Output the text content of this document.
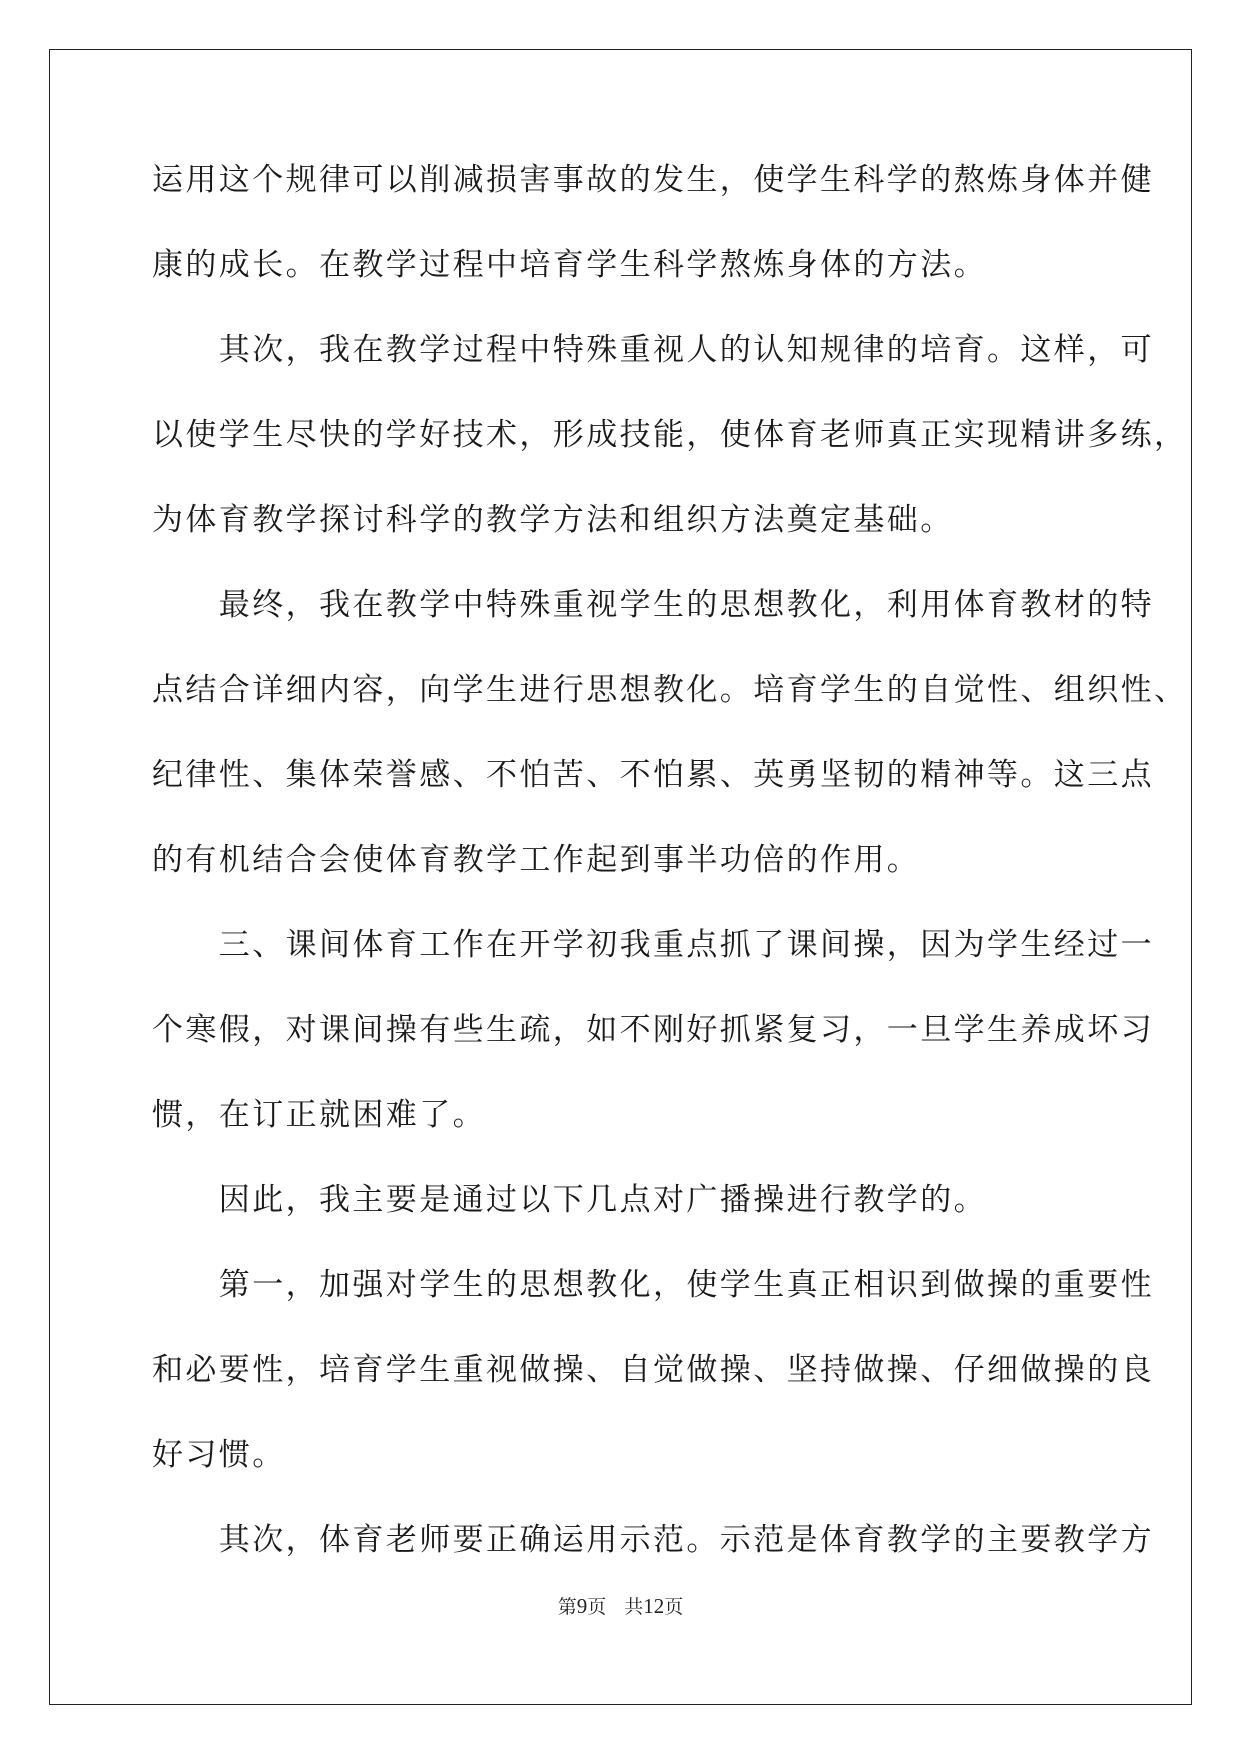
运用这个规律可以削减损害事故的发生，使学生科学的熬炼身体并健
康的成长。在教学过程中培育学生科学熬炼身体的方法。
　　其次，我在教学过程中特殊重视人的认知规律的培育。这样，可
以使学生尽快的学好技术，形成技能，使体育老师真正实现精讲多练，
为体育教学探讨科学的教学方法和组织方法奠定基础。
　　最终，我在教学中特殊重视学生的思想教化，利用体育教材的特
点结合详细内容，向学生进行思想教化。培育学生的自觉性、组织性、
纪律性、集体荣誉感、不怕苦、不怕累、英勇坚韧的精神等。这三点
的有机结合会使体育教学工作起到事半功倍的作用。
　　三、课间体育工作在开学初我重点抓了课间操，因为学生经过一
个寒假，对课间操有些生疏，如不刚好抓紧复习，一旦学生养成坏习
惯，在订正就困难了。
　　因此，我主要是通过以下几点对广播操进行教学的。
　　第一，加强对学生的思想教化，使学生真正相识到做操的重要性
和必要性，培育学生重视做操、自觉做操、坚持做操、仔细做操的良
好习惯。
　　其次，体育老师要正确运用示范。示范是体育教学的主要教学方
第9页 共12页
